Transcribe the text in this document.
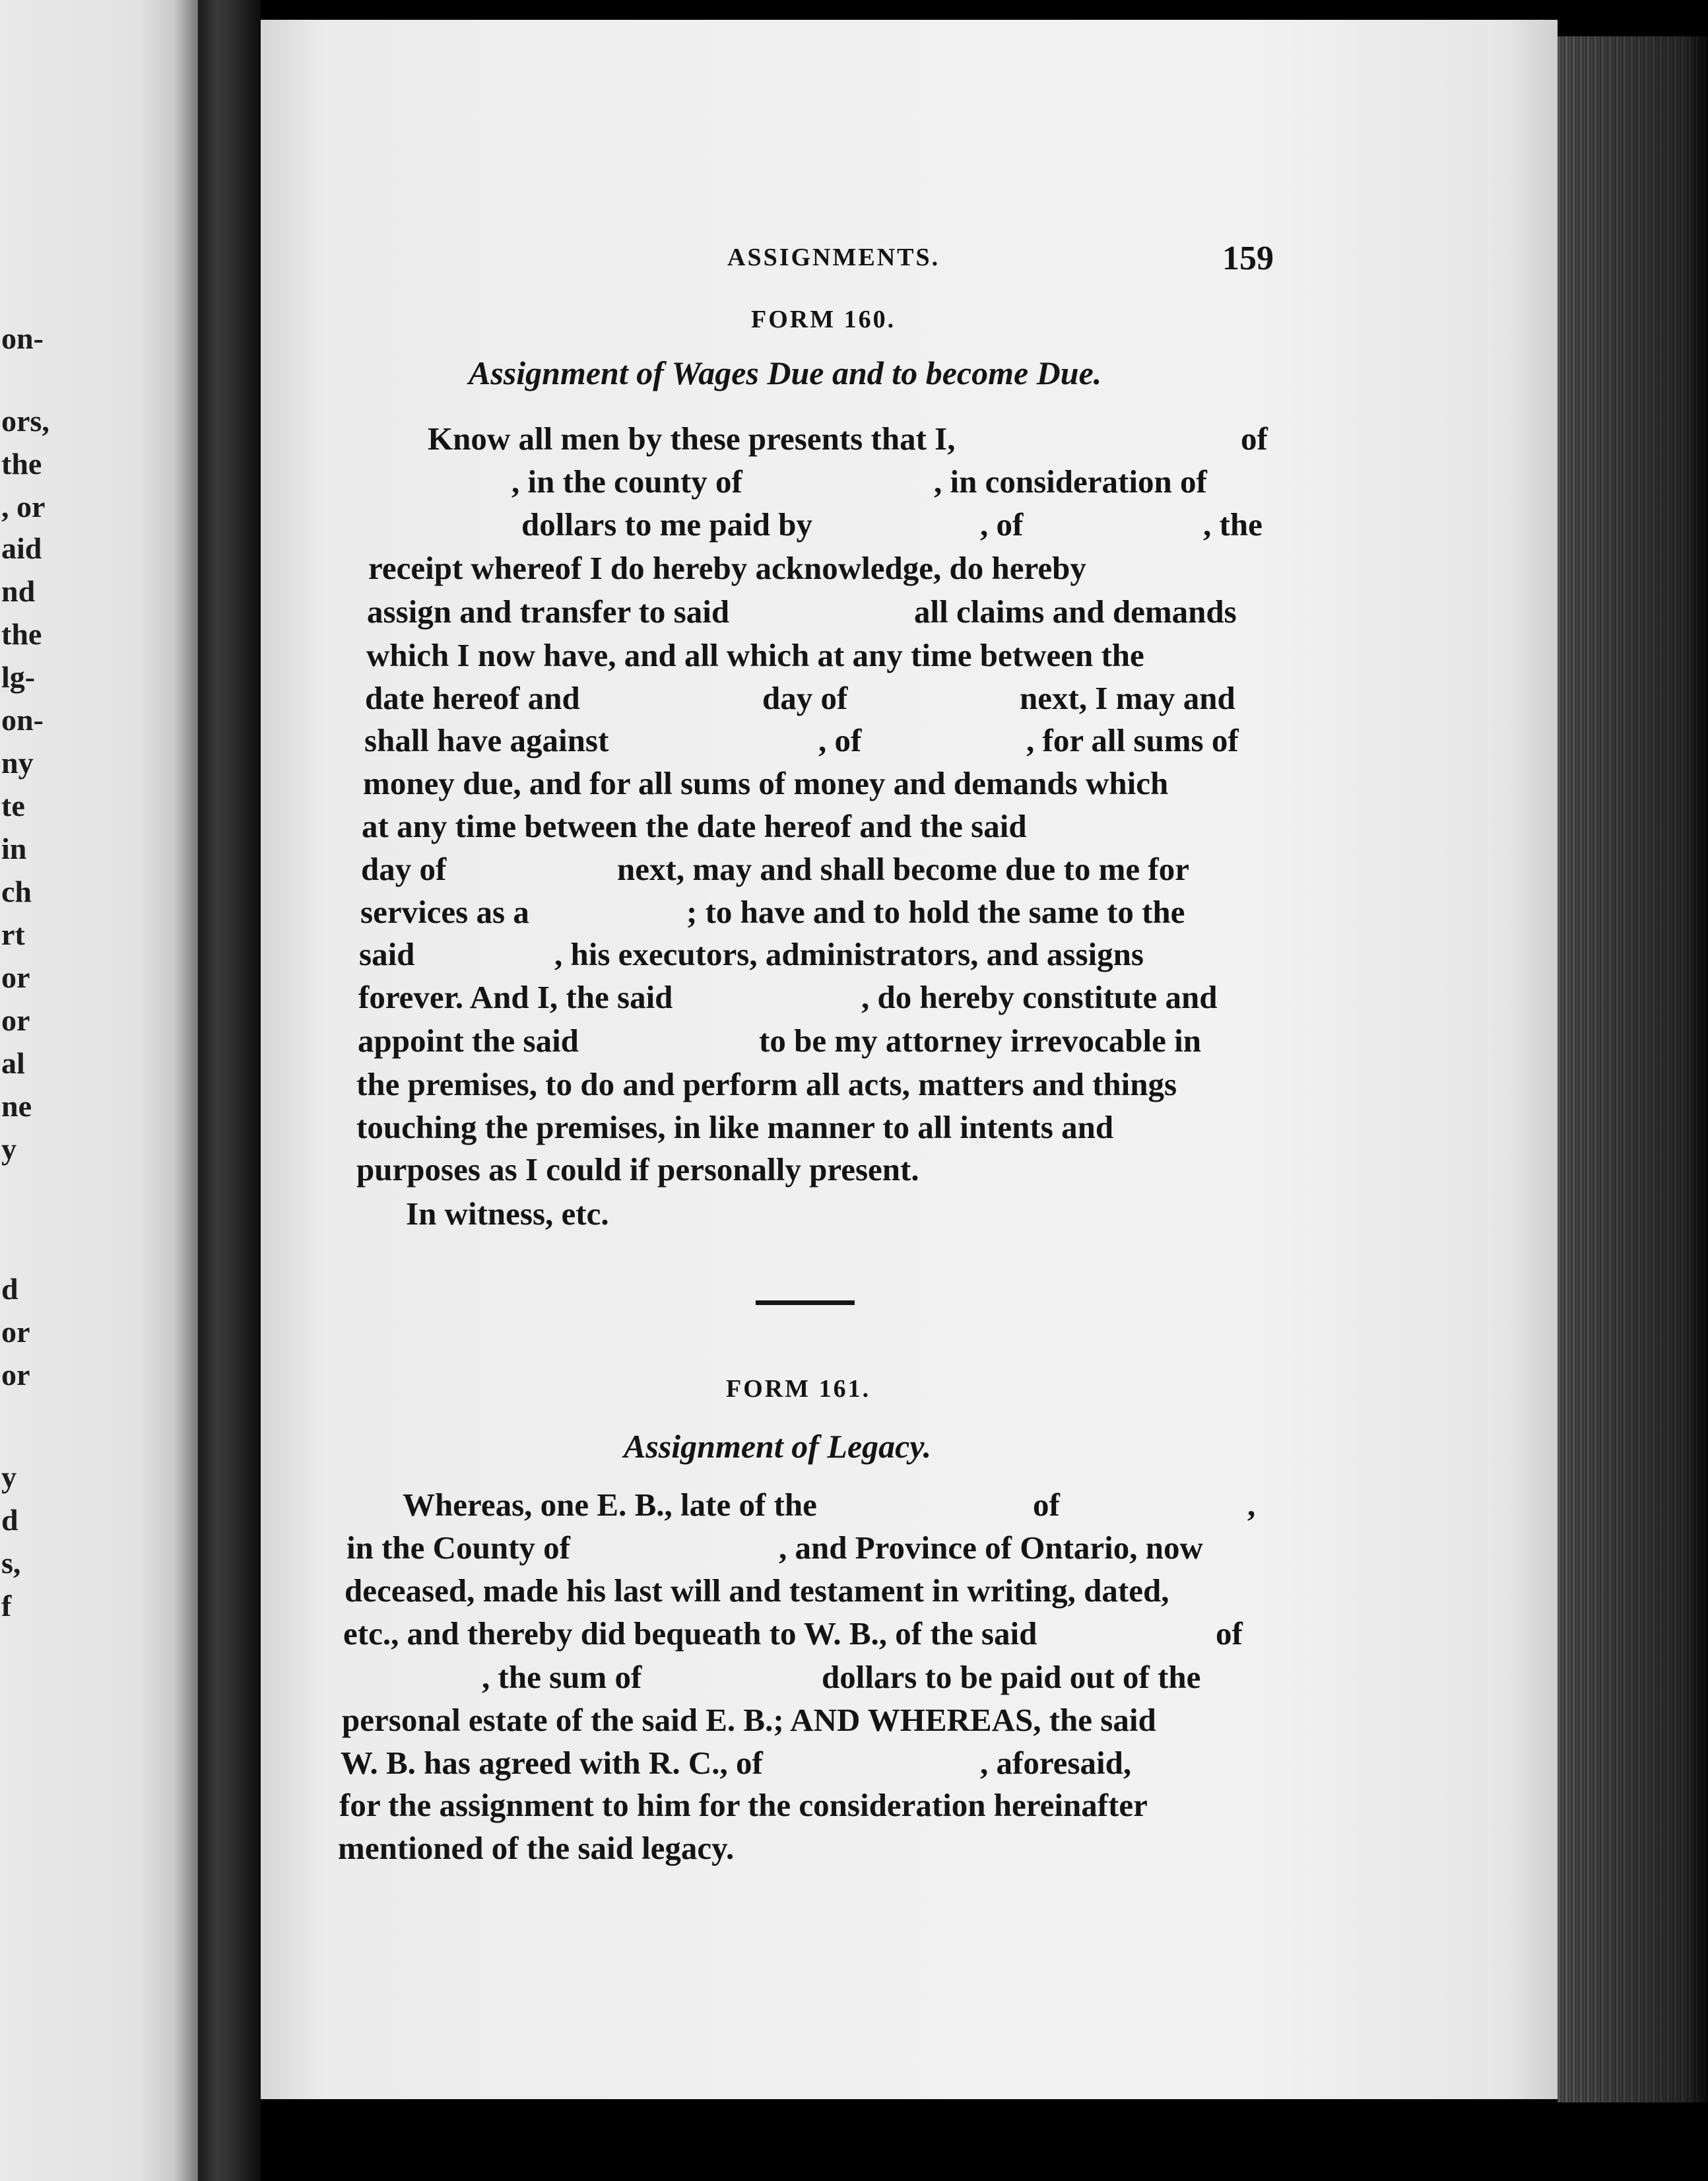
on-
ors,
the
, or
aid
nd
the
lg-
on-
ny
te
in
ch
rt
or
or
al
ne
y
d
or
or
y
d
s,
f
ASSIGNMENTS.	159
FORM 160.
Assignment of Wages Due and to become Due.
Know all men by these presents that I,	of
, in the county of	, in consideration of
dollars to me paid by	, of	, the
receipt whereof I do hereby acknowledge, do hereby
assign and transfer to said	all claims and demands
which I now have, and all which at any time between the
date hereof and	day of	next, I may and
shall have against	, of	, for all sums of
money due, and for all sums of money and demands which
at any time between the date hereof and the said
day of	next, may and shall become due to me for
services as a	; to have and to hold the same to the
said	, his executors, administrators, and assigns
forever. And I, the said	, do hereby constitute and
appoint the said	to be my attorney irrevocable in
the premises, to do and perform all acts, matters and things
touching the premises, in like manner to all intents and
purposes as I could if personally present.
In witness, etc.
FORM 161.
Assignment of Legacy.
Whereas, one E. B., late of the	of	,
in the County of	, and Province of Ontario, now
deceased, made his last will and testament in writing, dated,
etc., and thereby did bequeath to W. B., of the said	of
, the sum of	dollars to be paid out of the
personal estate of the said E. B.; AND WHEREAS, the said
W. B. has agreed with R. C., of	, aforesaid,
for the assignment to him for the consideration hereinafter
mentioned of the said legacy.
